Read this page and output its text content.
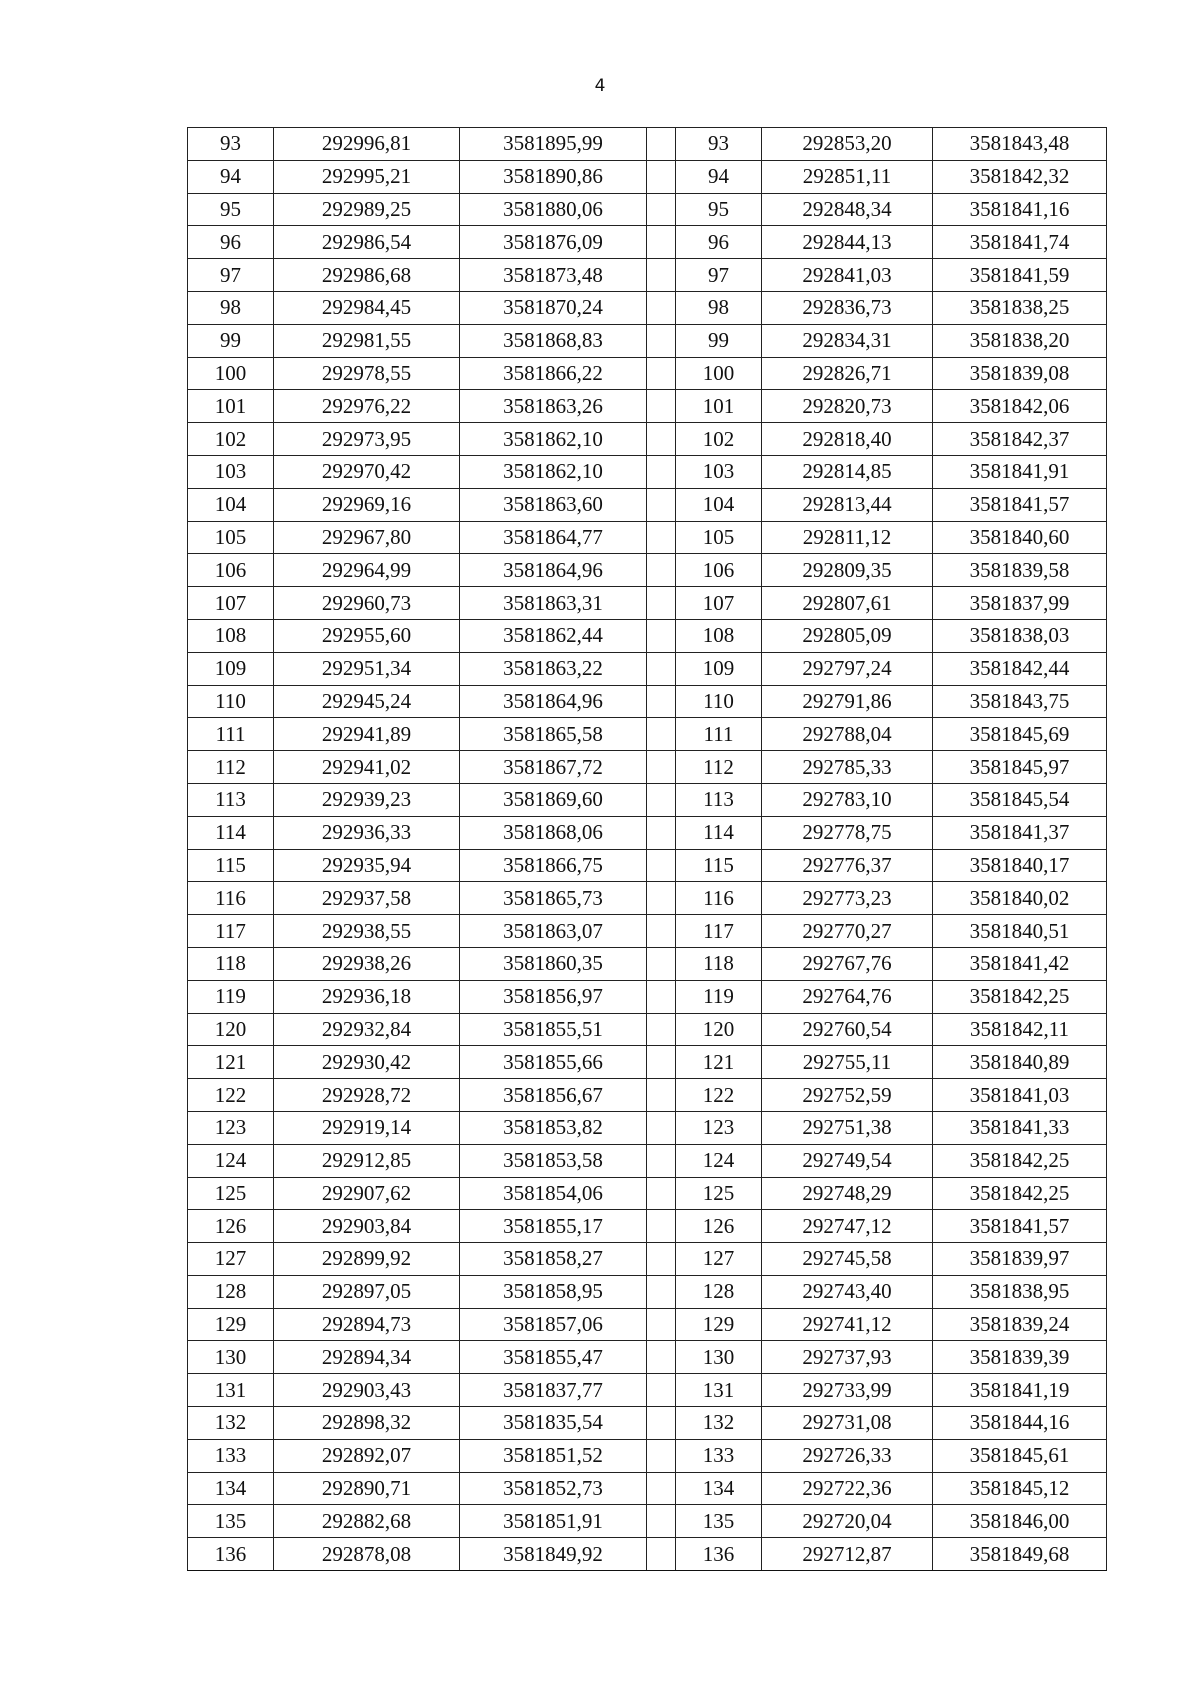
4
93	292996,81	3581895,99		93	292853,20	3581843,48
94	292995,21	3581890,86		94	292851,11	3581842,32
95	292989,25	3581880,06		95	292848,34	3581841,16
96	292986,54	3581876,09		96	292844,13	3581841,74
97	292986,68	3581873,48		97	292841,03	3581841,59
98	292984,45	3581870,24		98	292836,73	3581838,25
99	292981,55	3581868,83		99	292834,31	3581838,20
100	292978,55	3581866,22		100	292826,71	3581839,08
101	292976,22	3581863,26		101	292820,73	3581842,06
102	292973,95	3581862,10		102	292818,40	3581842,37
103	292970,42	3581862,10		103	292814,85	3581841,91
104	292969,16	3581863,60		104	292813,44	3581841,57
105	292967,80	3581864,77		105	292811,12	3581840,60
106	292964,99	3581864,96		106	292809,35	3581839,58
107	292960,73	3581863,31		107	292807,61	3581837,99
108	292955,60	3581862,44		108	292805,09	3581838,03
109	292951,34	3581863,22		109	292797,24	3581842,44
110	292945,24	3581864,96		110	292791,86	3581843,75
111	292941,89	3581865,58		111	292788,04	3581845,69
112	292941,02	3581867,72		112	292785,33	3581845,97
113	292939,23	3581869,60		113	292783,10	3581845,54
114	292936,33	3581868,06		114	292778,75	3581841,37
115	292935,94	3581866,75		115	292776,37	3581840,17
116	292937,58	3581865,73		116	292773,23	3581840,02
117	292938,55	3581863,07		117	292770,27	3581840,51
118	292938,26	3581860,35		118	292767,76	3581841,42
119	292936,18	3581856,97		119	292764,76	3581842,25
120	292932,84	3581855,51		120	292760,54	3581842,11
121	292930,42	3581855,66		121	292755,11	3581840,89
122	292928,72	3581856,67		122	292752,59	3581841,03
123	292919,14	3581853,82		123	292751,38	3581841,33
124	292912,85	3581853,58		124	292749,54	3581842,25
125	292907,62	3581854,06		125	292748,29	3581842,25
126	292903,84	3581855,17		126	292747,12	3581841,57
127	292899,92	3581858,27		127	292745,58	3581839,97
128	292897,05	3581858,95		128	292743,40	3581838,95
129	292894,73	3581857,06		129	292741,12	3581839,24
130	292894,34	3581855,47		130	292737,93	3581839,39
131	292903,43	3581837,77		131	292733,99	3581841,19
132	292898,32	3581835,54		132	292731,08	3581844,16
133	292892,07	3581851,52		133	292726,33	3581845,61
134	292890,71	3581852,73		134	292722,36	3581845,12
135	292882,68	3581851,91		135	292720,04	3581846,00
136	292878,08	3581849,92		136	292712,87	3581849,68
